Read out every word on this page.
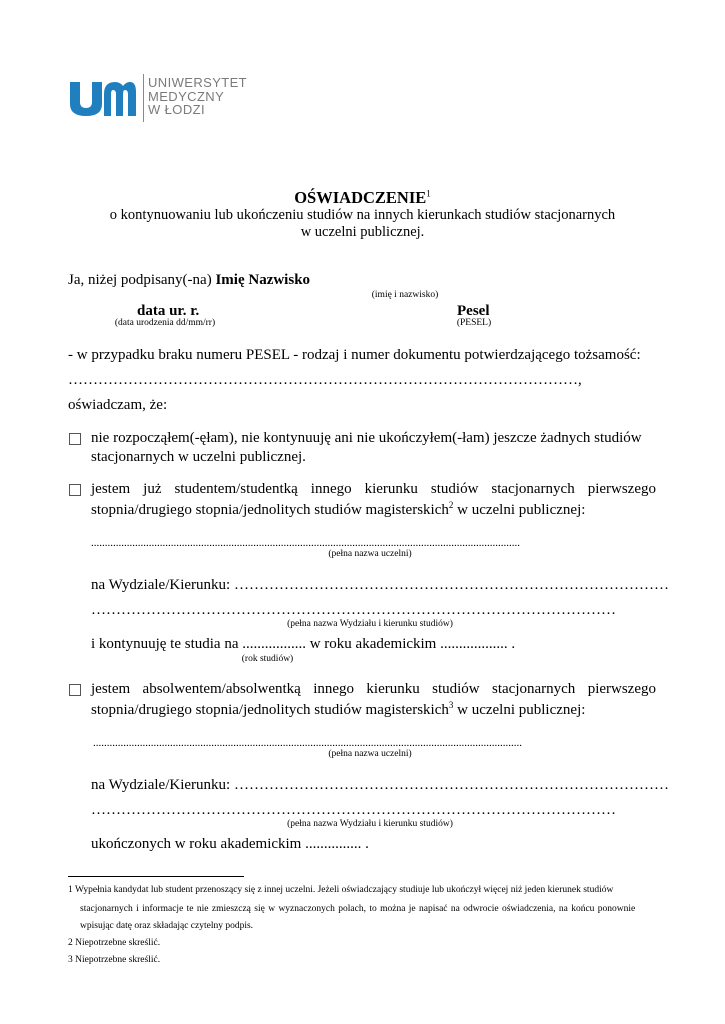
UNIWERSYTET
MEDYCZNY
W ŁODZI
OŚWIADCZENIE$^1$
o kontynuowaniu lub ukończeniu studiów na innych kierunkach studiów stacjonarnych
w uczelni publicznej.
Ja, niżej podpisany(-na) Imię Nazwisko
(imię i nazwisko)
data ur. r.
(data urodzenia dd/mm/rr)
Pesel
(PESEL)
- w przypadku braku numeru PESEL - rodzaj i numer dokumentu potwierdzającego tożsamość:
…………………………………………………………………………………………,
oświadczam, że:
nie rozpocząłem(-ęłam), nie kontynuuję ani nie ukończyłem(-łam) jeszcze żadnych studiów
stacjonarnych w uczelni publicznej.
jestem już studentem/studentką innego kierunku studiów stacjonarnych pierwszego
stopnia/drugiego stopnia/jednolitych studiów magisterskich$^2$ w uczelni publicznej:
............................................................................................................................................................
(pełna nazwa uczelni)
na Wydziale/Kierunku: ……………………………………………………………………………
……………………………………………………………………………………………
(pełna nazwa Wydziału i kierunku studiów)
i kontynuuję te studia na ................. w roku akademickim .................. .
(rok studiów)
jestem absolwentem/absolwentką innego kierunku studiów stacjonarnych pierwszego
stopnia/drugiego stopnia/jednolitych studiów magisterskich$^3$ w uczelni publicznej:
............................................................................................................................................................
(pełna nazwa uczelni)
na Wydziale/Kierunku: ……………………………………………………………………………
……………………………………………………………………………………………
(pełna nazwa Wydziału i kierunku studiów)
ukończonych w roku akademickim ............... .
1 Wypełnia kandydat lub student przenoszący się z innej uczelni. Jeżeli oświadczający studiuje lub ukończył więcej niż jeden kierunek studiów
stacjonarnych i informacje te nie zmieszczą się w wyznaczonych polach, to można je napisać na odwrocie oświadczenia, na końcu ponownie
wpisując datę oraz składając czytelny podpis.
2 Niepotrzebne skreślić.
3 Niepotrzebne skreślić.
